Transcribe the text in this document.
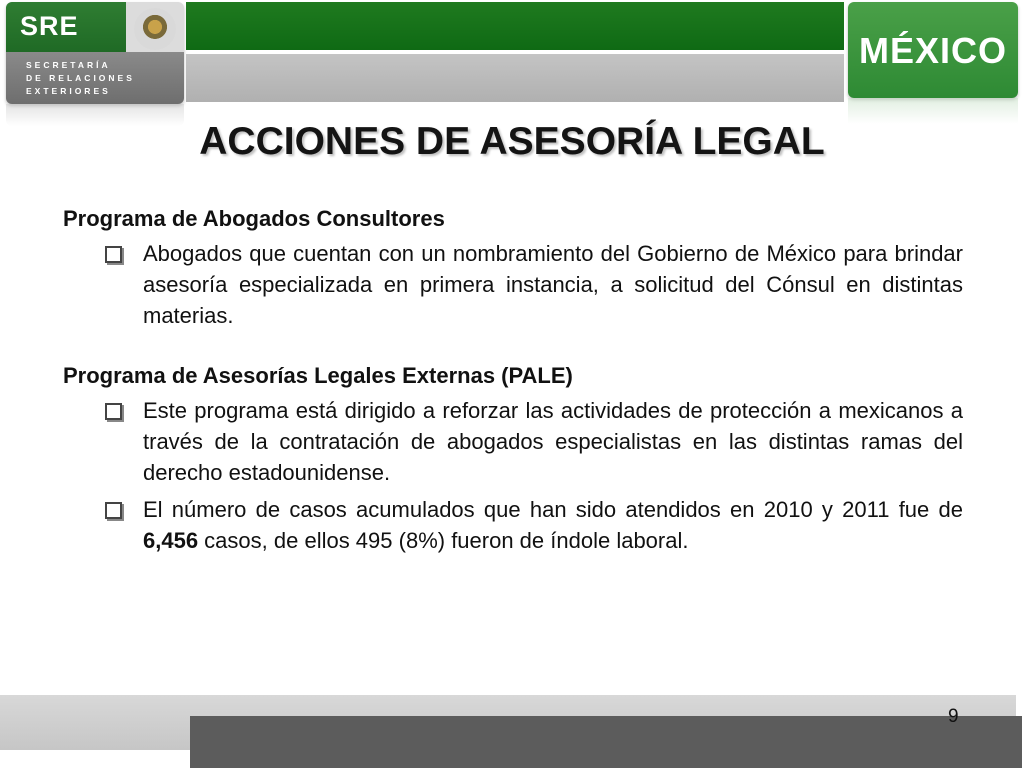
SRE
SECRETARÍA
DE RELACIONES
EXTERIORES
MÉXICO
ACCIONES DE ASESORÍA LEGAL

Programa de Abogados Consultores

Abogados que cuentan con un nombramiento del Gobierno de México para brindar asesoría especializada en primera instancia, a solicitud del Cónsul en distintas materias.

Programa de Asesorías Legales Externas (PALE)

Este programa está dirigido a reforzar las actividades de protección a mexicanos a través de la contratación de abogados especialistas en las distintas ramas del derecho estadounidense.
El número de casos acumulados que han sido atendidos en 2010 y 2011 fue de 6,456 casos, de ellos 495 (8%) fueron de índole laboral.
9
